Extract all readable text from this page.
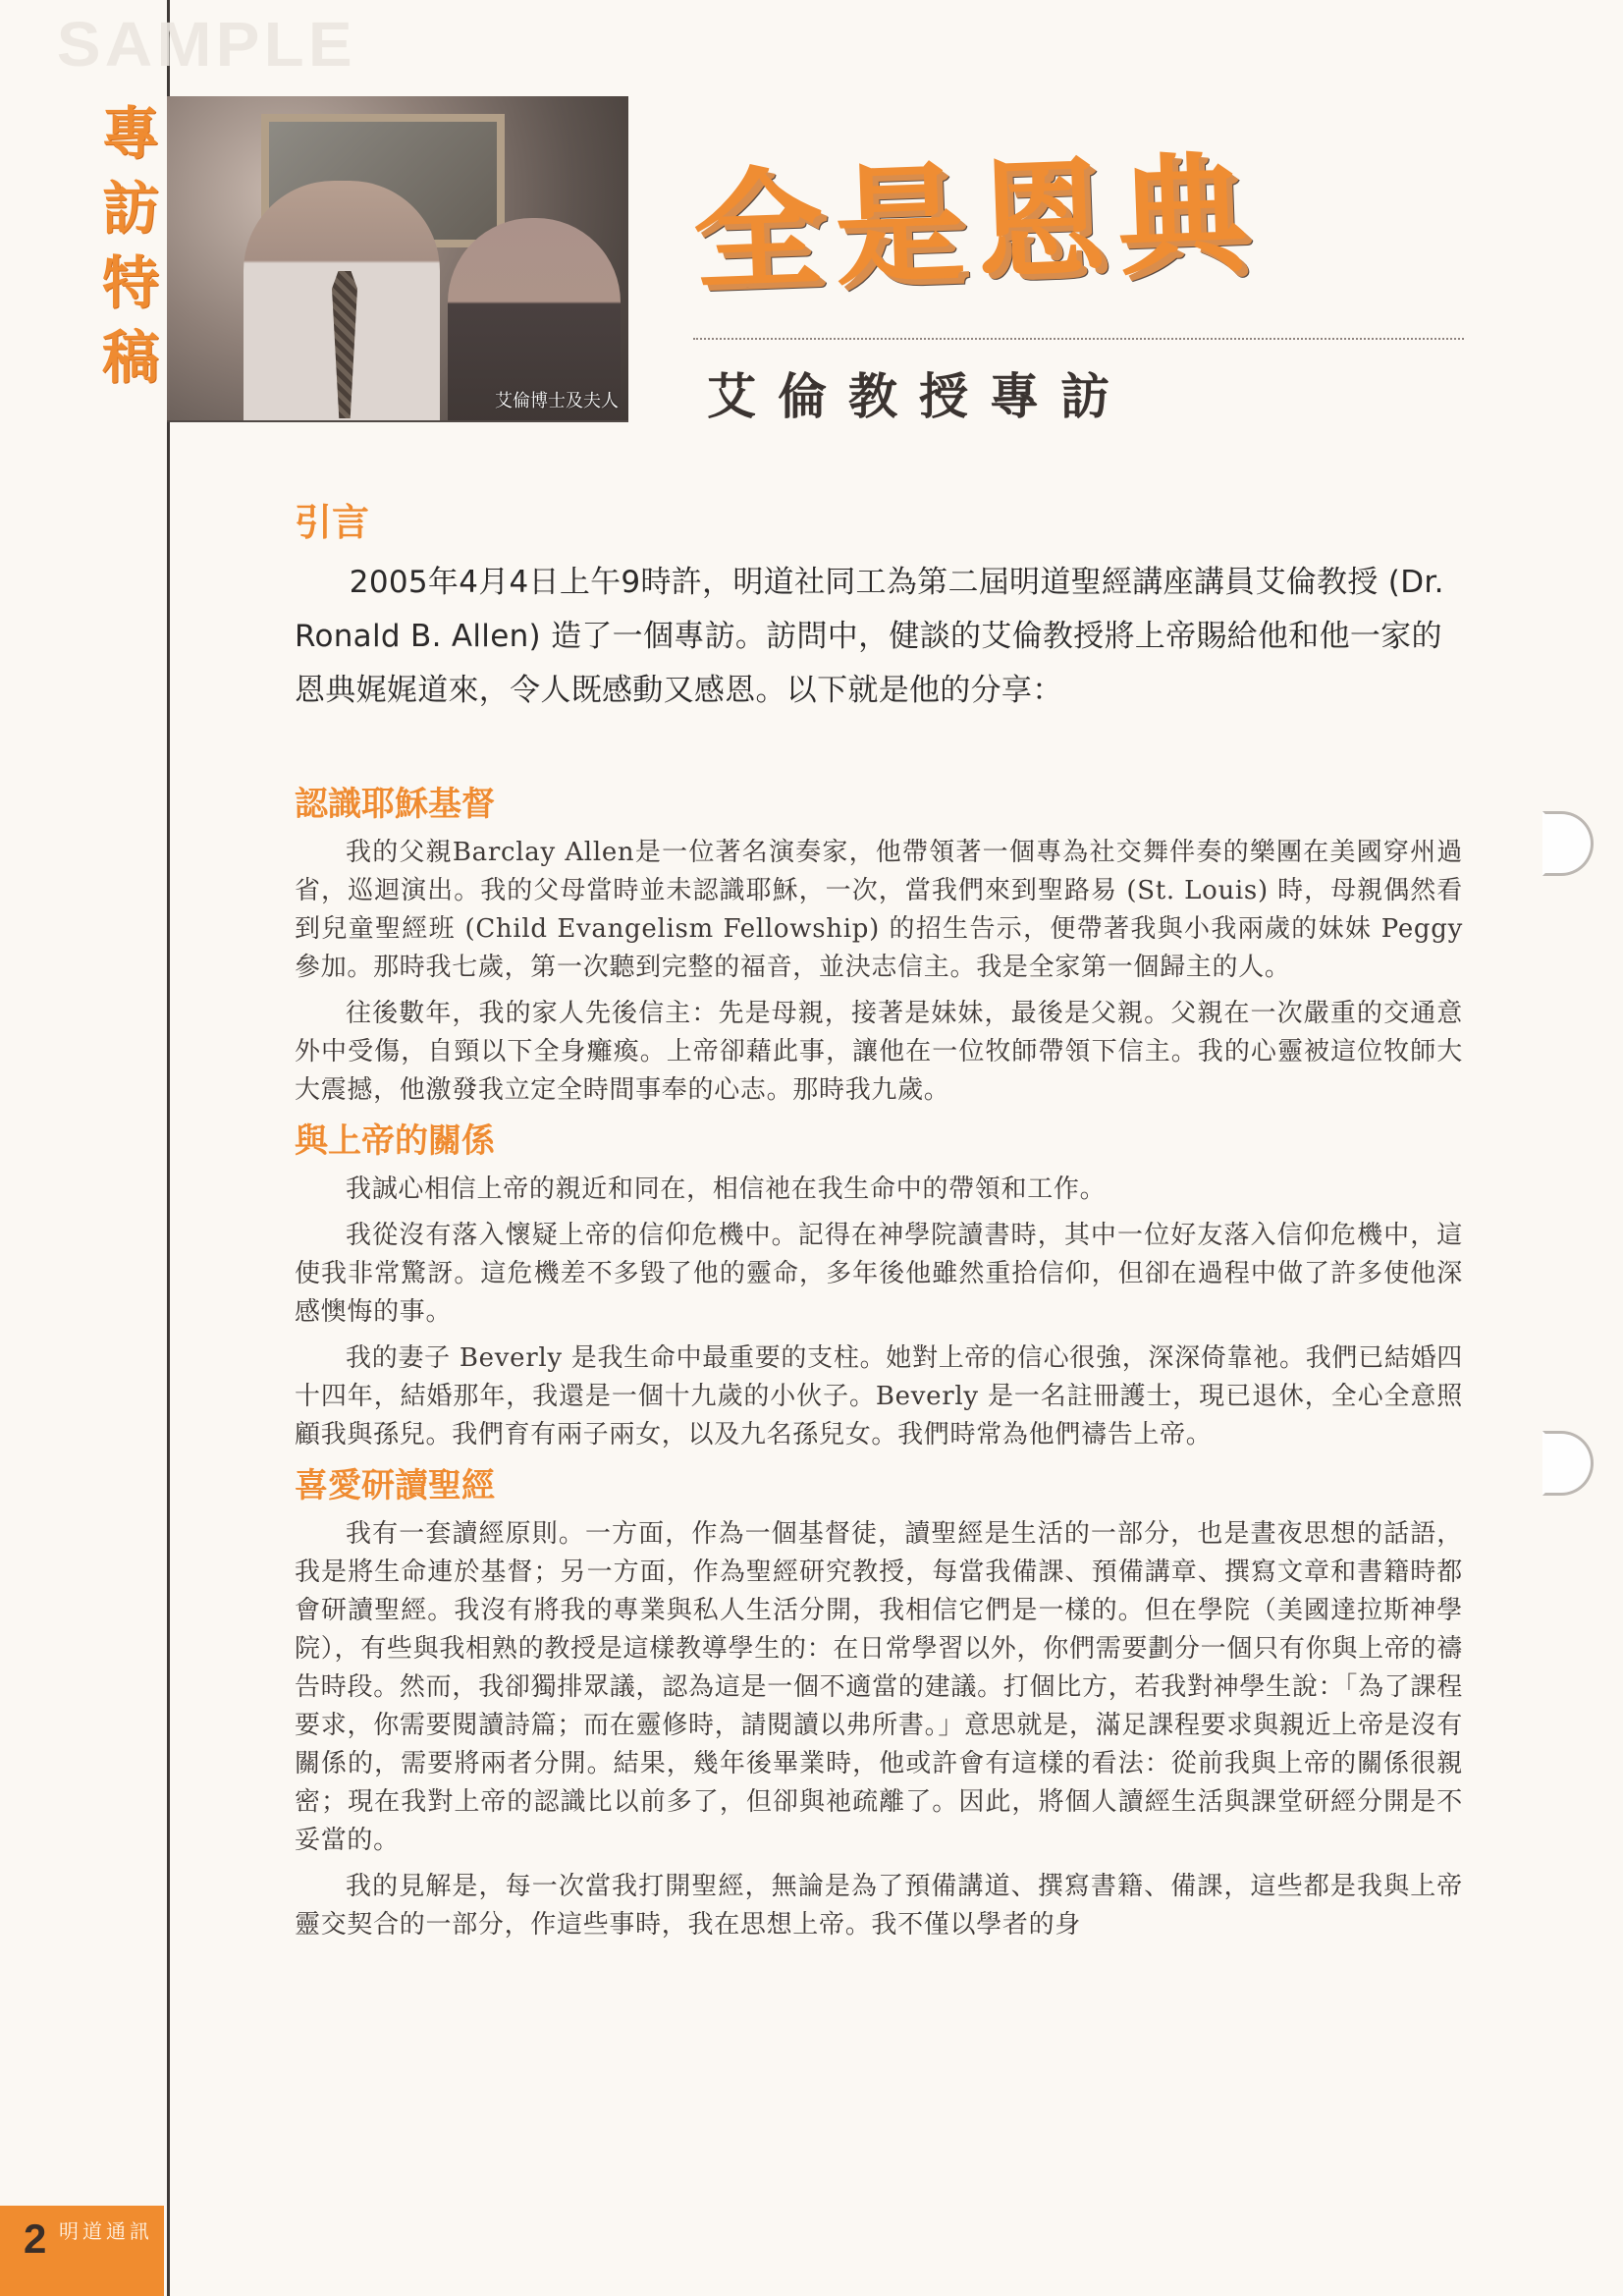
SAMPLE
專訪特稿
艾倫博士及夫人
全是恩典
艾倫教授專訪
引言

2005年4月4日上午9時許，明道社同工為第二屆明道聖經講座講員艾倫教授 (Dr. Ronald B. Allen) 造了一個專訪。訪問中，健談的艾倫教授將上帝賜給他和他一家的恩典娓娓道來，令人既感動又感恩。以下就是他的分享：

認識耶穌基督

我的父親Barclay Allen是一位著名演奏家，他帶領著一個專為社交舞伴奏的樂團在美國穿州過省，巡迴演出。我的父母當時並未認識耶穌，一次，當我們來到聖路易 (St. Louis) 時，母親偶然看到兒童聖經班 (Child Evangelism Fellowship) 的招生告示，便帶著我與小我兩歲的妹妹 Peggy 參加。那時我七歲，第一次聽到完整的福音，並決志信主。我是全家第一個歸主的人。

往後數年，我的家人先後信主：先是母親，接著是妹妹，最後是父親。父親在一次嚴重的交通意外中受傷，自頸以下全身癱瘓。上帝卻藉此事，讓他在一位牧師帶領下信主。我的心靈被這位牧師大大震撼，他激發我立定全時間事奉的心志。那時我九歲。

與上帝的關係

我誠心相信上帝的親近和同在，相信祂在我生命中的帶領和工作。

我從沒有落入懷疑上帝的信仰危機中。記得在神學院讀書時，其中一位好友落入信仰危機中，這使我非常驚訝。這危機差不多毀了他的靈命，多年後他雖然重拾信仰，但卻在過程中做了許多使他深感懊悔的事。

我的妻子 Beverly 是我生命中最重要的支柱。她對上帝的信心很強，深深倚靠祂。我們已結婚四十四年，結婚那年，我還是一個十九歲的小伙子。Beverly 是一名註冊護士，現已退休，全心全意照顧我與孫兒。我們育有兩子兩女，以及九名孫兒女。我們時常為他們禱告上帝。

喜愛研讀聖經

我有一套讀經原則。一方面，作為一個基督徒，讀聖經是生活的一部分，也是晝夜思想的話語，我是將生命連於基督；另一方面，作為聖經研究教授，每當我備課、預備講章、撰寫文章和書籍時都會研讀聖經。我沒有將我的專業與私人生活分開，我相信它們是一樣的。但在學院（美國達拉斯神學院），有些與我相熟的教授是這樣教導學生的：在日常學習以外，你們需要劃分一個只有你與上帝的禱告時段。然而，我卻獨排眾議，認為這是一個不適當的建議。打個比方，若我對神學生說：「為了課程要求，你需要閱讀詩篇；而在靈修時，請閱讀以弗所書。」意思就是，滿足課程要求與親近上帝是沒有關係的，需要將兩者分開。結果，幾年後畢業時，他或許會有這樣的看法：從前我與上帝的關係很親密；現在我對上帝的認識比以前多了，但卻與祂疏離了。因此，將個人讀經生活與課堂研經分開是不妥當的。

我的見解是，每一次當我打開聖經，無論是為了預備講道、撰寫書籍、備課，這些都是我與上帝靈交契合的一部分，作這些事時，我在思想上帝。我不僅以學者的身

2 明道通訊
